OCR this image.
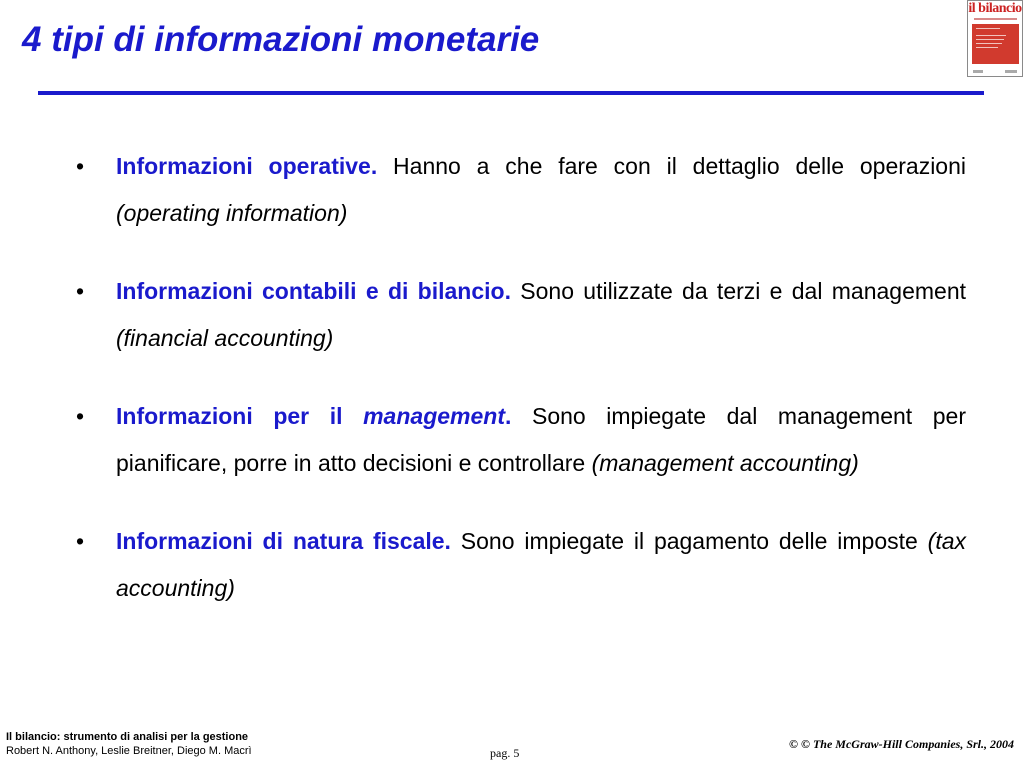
4 tipi di informazioni monetarie
il bilancio
•	Informazioni operative. Hanno a che fare con il dettaglio delle operazioni (operating information)
•	Informazioni contabili e di bilancio. Sono utilizzate da terzi e dal management (financial accounting)
•	Informazioni per il management. Sono impiegate dal management per pianificare, porre in atto decisioni e controllare (management accounting)
•	Informazioni di natura fiscale. Sono impiegate il pagamento delle imposte (tax accounting)
Il bilancio: strumento di analisi per la gestione
Robert N. Anthony, Leslie Breitner, Diego M. Macrì	pag. 5
© © The McGraw-Hill Companies, Srl., 2004
